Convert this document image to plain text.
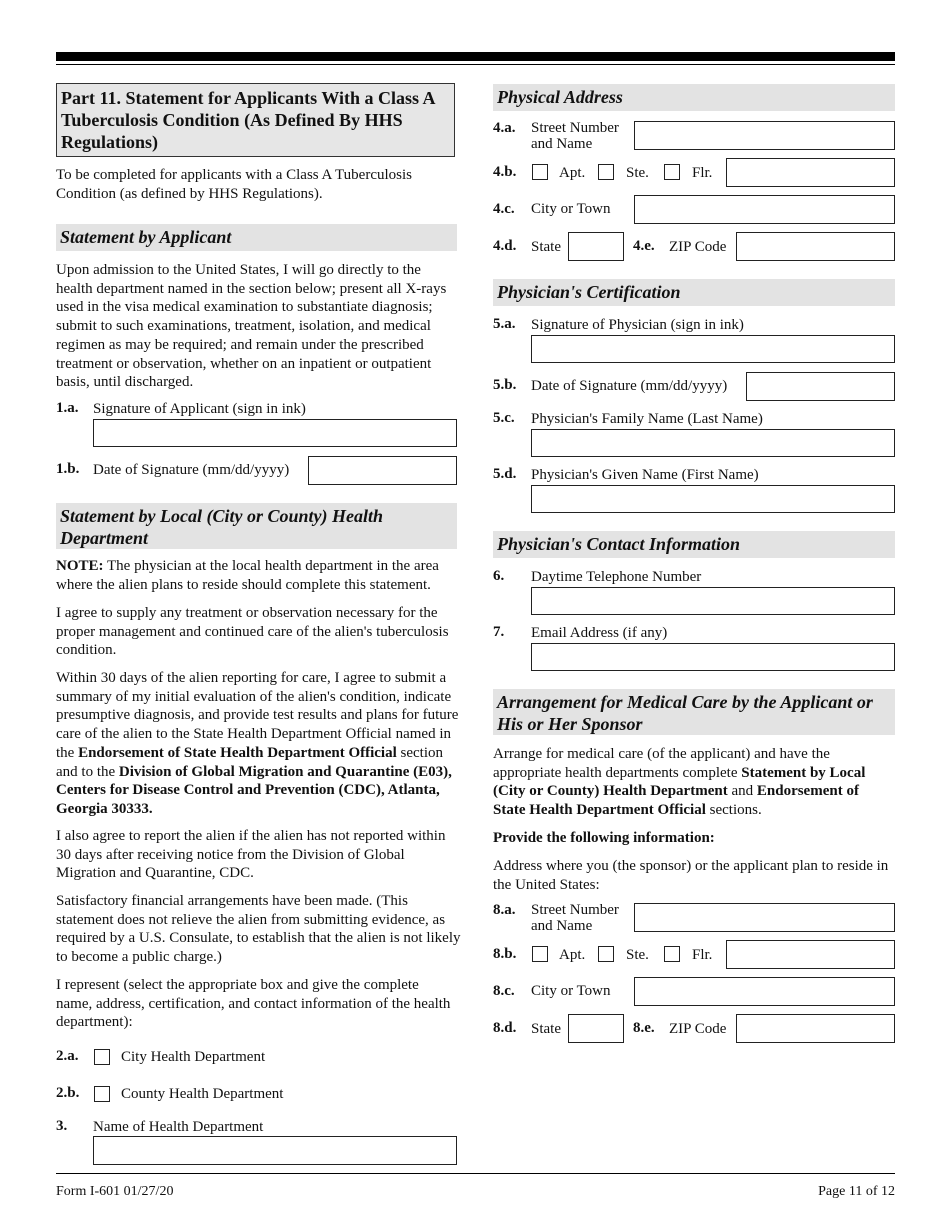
Part 11. Statement for Applicants With a Class A Tuberculosis Condition (As Defined By HHS Regulations)

To be completed for applicants with a Class A Tuberculosis Condition (as defined by HHS Regulations).

Statement by Applicant

Upon admission to the United States, I will go directly to the health department named in the section below; present all X-rays used in the visa medical examination to substantiate diagnosis; submit to such examinations, treatment, isolation, and medical regimen as may be required; and remain under the prescribed treatment or observation, whether on an inpatient or outpatient basis, until discharged.

1.a. Signature of Applicant (sign in ink)
1.b. Date of Signature (mm/dd/yyyy)
Statement by Local (City or County) Health Department

NOTE: The physician at the local health department in the area where the alien plans to reside should complete this statement.

I agree to supply any treatment or observation necessary for the proper management and continued care of the alien's tuberculosis condition.

Within 30 days of the alien reporting for care, I agree to submit a summary of my initial evaluation of the alien's condition, indicate presumptive diagnosis, and provide test results and plans for future care of the alien to the State Health Department Official named in the Endorsement of State Health Department Official section and to the Division of Global Migration and Quarantine (E03), Centers for Disease Control and Prevention (CDC), Atlanta, Georgia 30333.

I also agree to report the alien if the alien has not reported within 30 days after receiving notice from the Division of Global Migration and Quarantine, CDC.

Satisfactory financial arrangements have been made. (This statement does not relieve the alien from submitting evidence, as required by a U.S. Consulate, to establish that the alien is not likely to become a public charge.)

I represent (select the appropriate box and give the complete name, address, certification, and contact information of the health department):

2.a.	City Health Department
2.b.	County Health Department
3. Name of Health Department
Physical Address
4.a. Street Number and Name
4.b.	Apt.	Ste.	Flr.
4.c. City or Town
4.d. State	4.e. ZIP Code
Physician's Certification
5.a. Signature of Physician (sign in ink)
5.b. Date of Signature (mm/dd/yyyy)
5.c. Physician's Family Name (Last Name)
5.d. Physician's Given Name (First Name)
Physician's Contact Information
6. Daytime Telephone Number
7. Email Address (if any)
Arrangement for Medical Care by the Applicant or His or Her Sponsor

Arrange for medical care (of the applicant) and have the appropriate health departments complete Statement by Local (City or County) Health Department and Endorsement of State Health Department Official sections.

Provide the following information:

Address where you (the sponsor) or the applicant plan to reside in the United States:

8.a. Street Number and Name
8.b.	Apt.	Ste.	Flr.
8.c. City or Town
8.d. State	8.e. ZIP Code
Form I-601 01/27/20	Page 11 of 12
